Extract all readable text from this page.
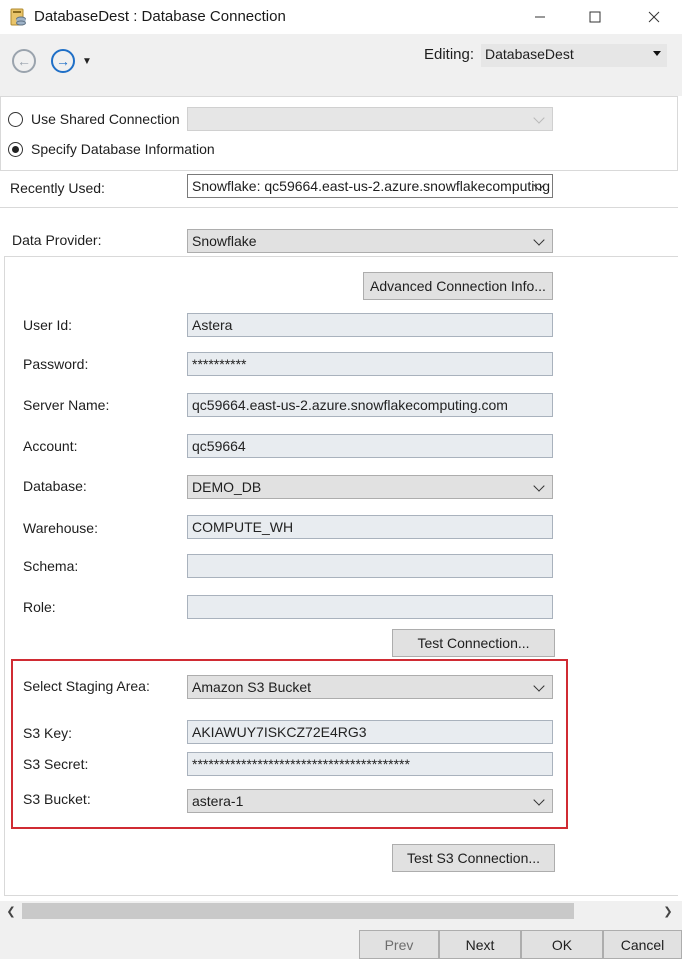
DatabaseDest : Database Connection
←	→	▼	Editing: DatabaseDest
Use Shared Connection
Specify Database Information
Recently Used:	Snowflake: qc59664.east-us-2.azure.snowflakecomputing
Data Provider:	Snowflake
Advanced Connection Info...
User Id:	Astera
Password:	**********
Server Name:	qc59664.east-us-2.azure.snowflakecomputing.com
Account:	qc59664
Database:	DEMO_DB
Warehouse:	COMPUTE_WH
Schema:
Role:
Test Connection...
Select Staging Area:	Amazon S3 Bucket
S3 Key:	AKIAWUY7ISKCZ72E4RG3
S3 Secret:	****************************************
S3 Bucket:	astera-1
Test S3 Connection...
❮	❯
Prev	Next	OK	Cancel
